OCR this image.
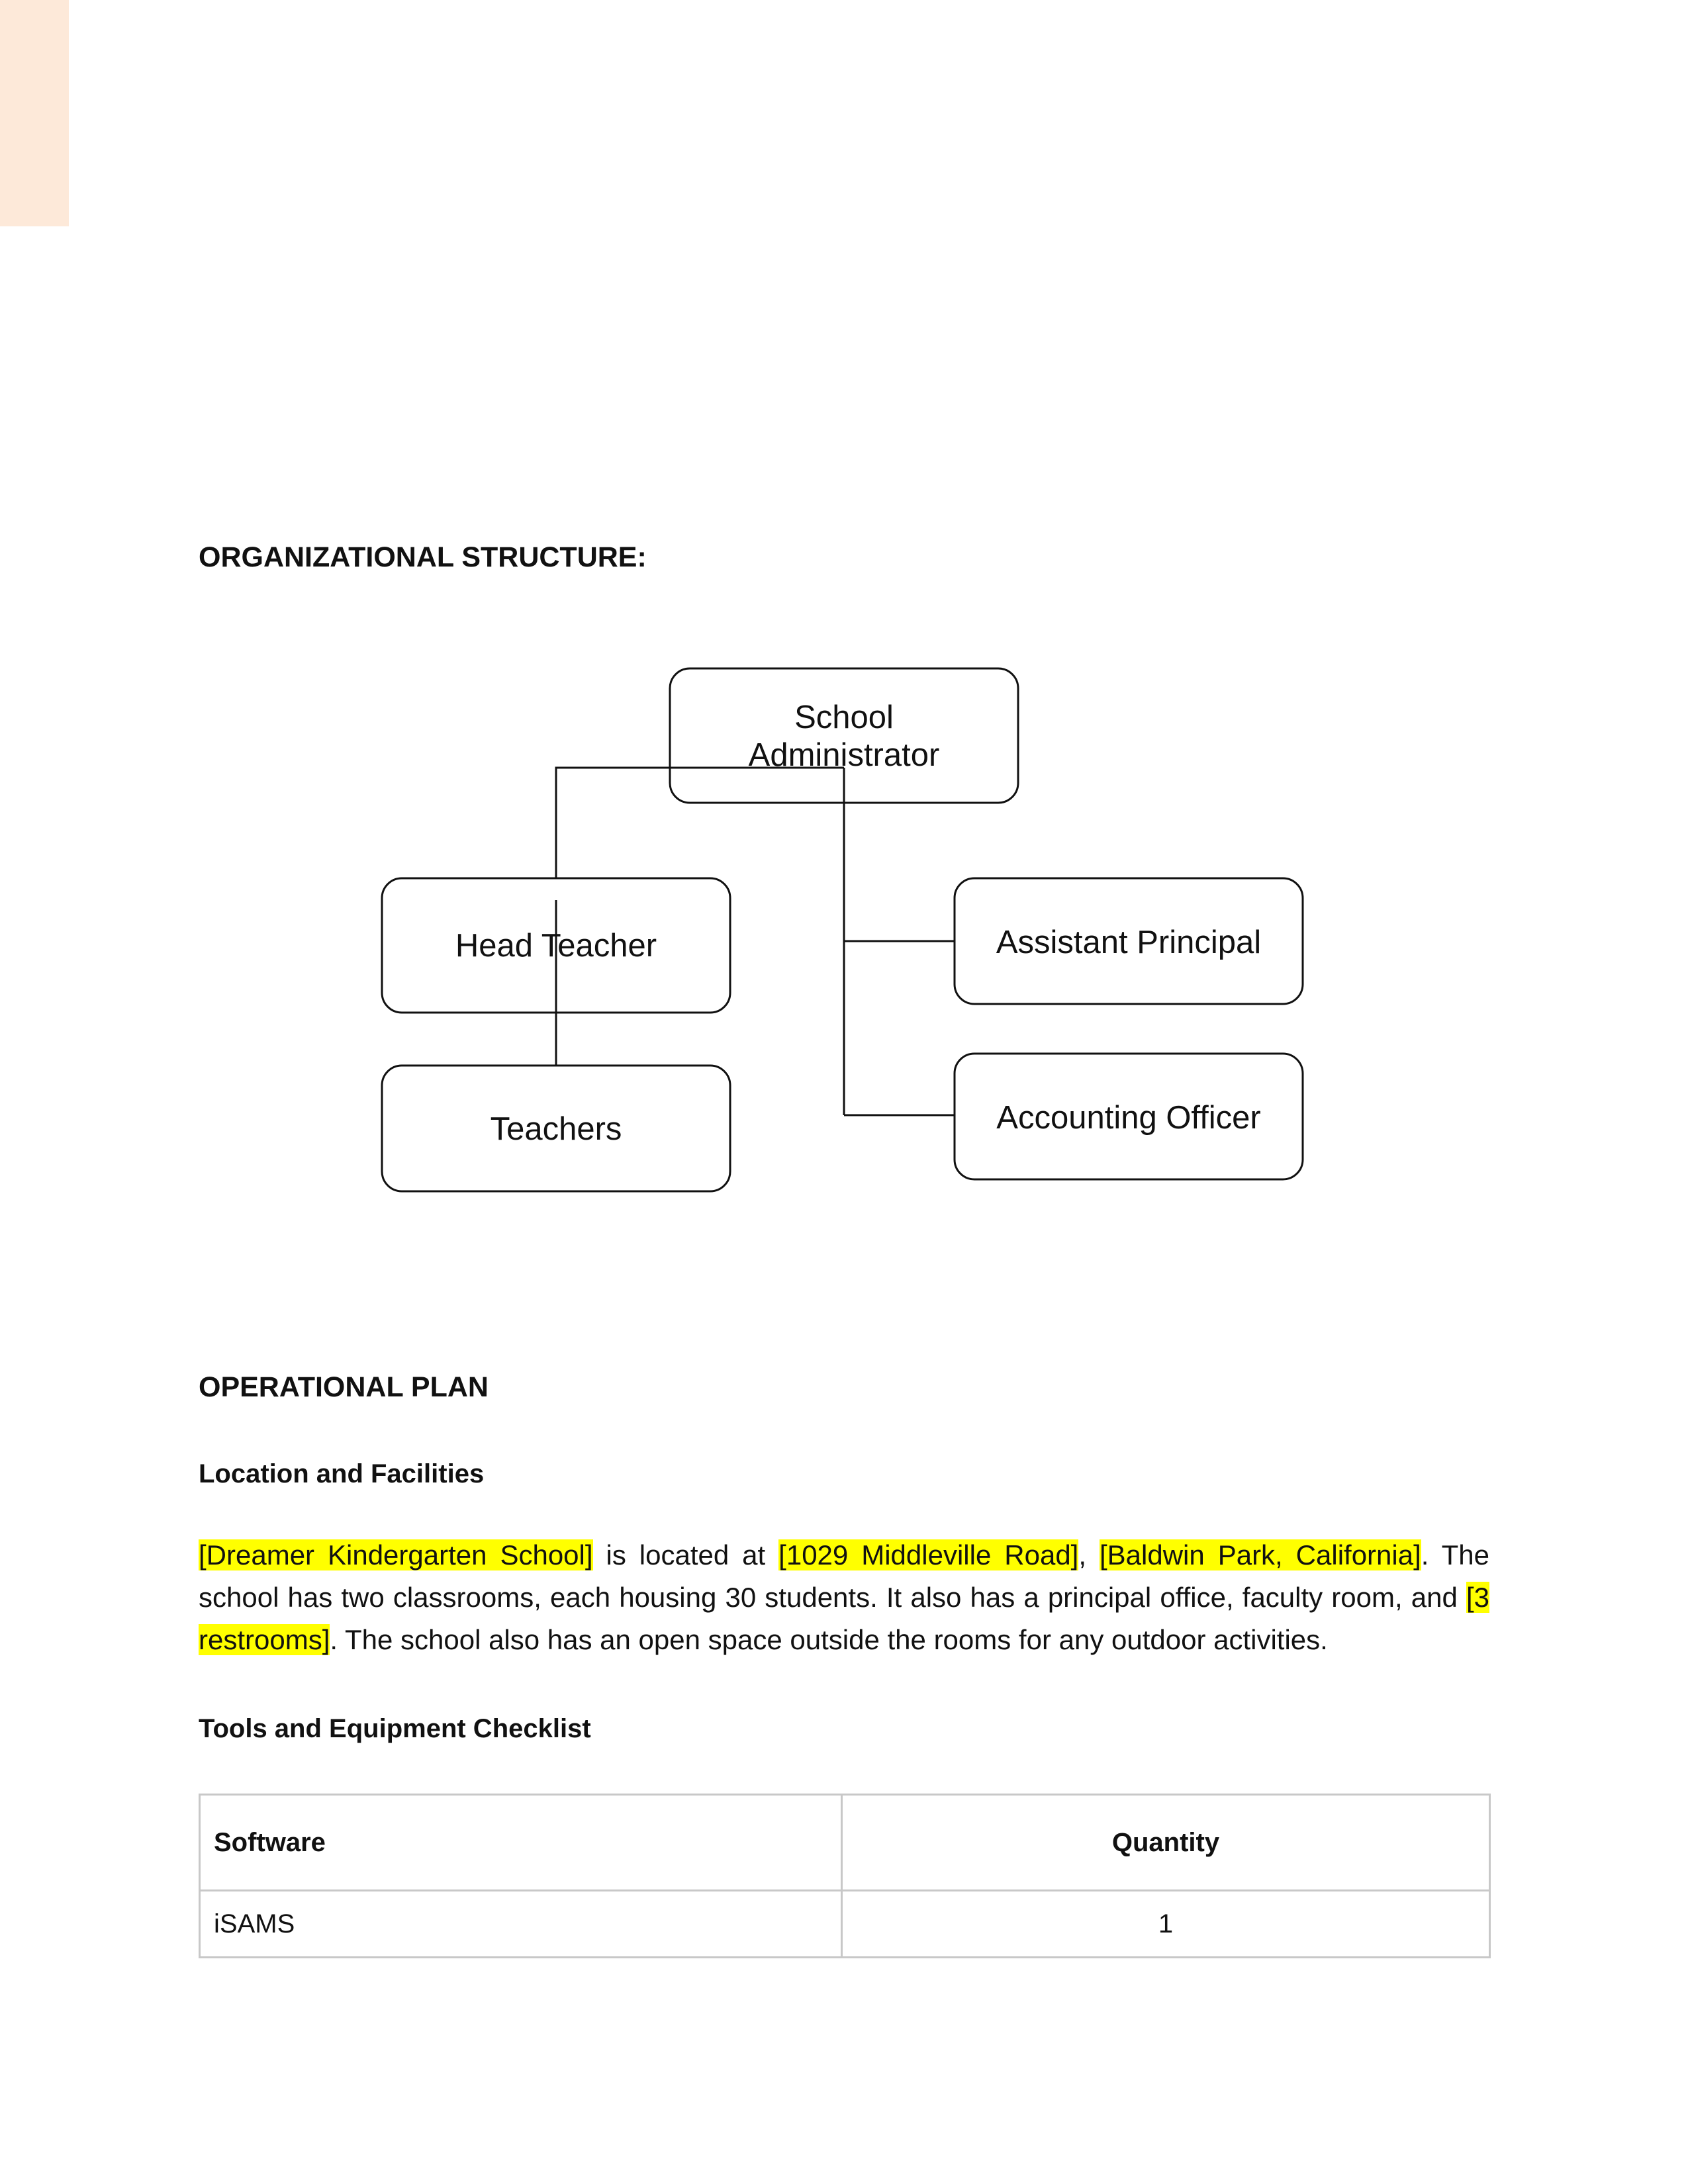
ORGANIZATIONAL STRUCTURE:
School
Administrator
Head Teacher
Teachers
Assistant Principal
Accounting Officer
OPERATIONAL PLAN
Location and Facilities

[Dreamer Kindergarten School] is located at [1029 Middleville Road], [Baldwin Park, California]. The school has two classrooms, each housing 30 students. It also has a principal office, faculty room, and [3 restrooms]. The school also has an open space outside the rooms for any outdoor activities.

Tools and Equipment Checklist
Software	Quantity
iSAMS	1
